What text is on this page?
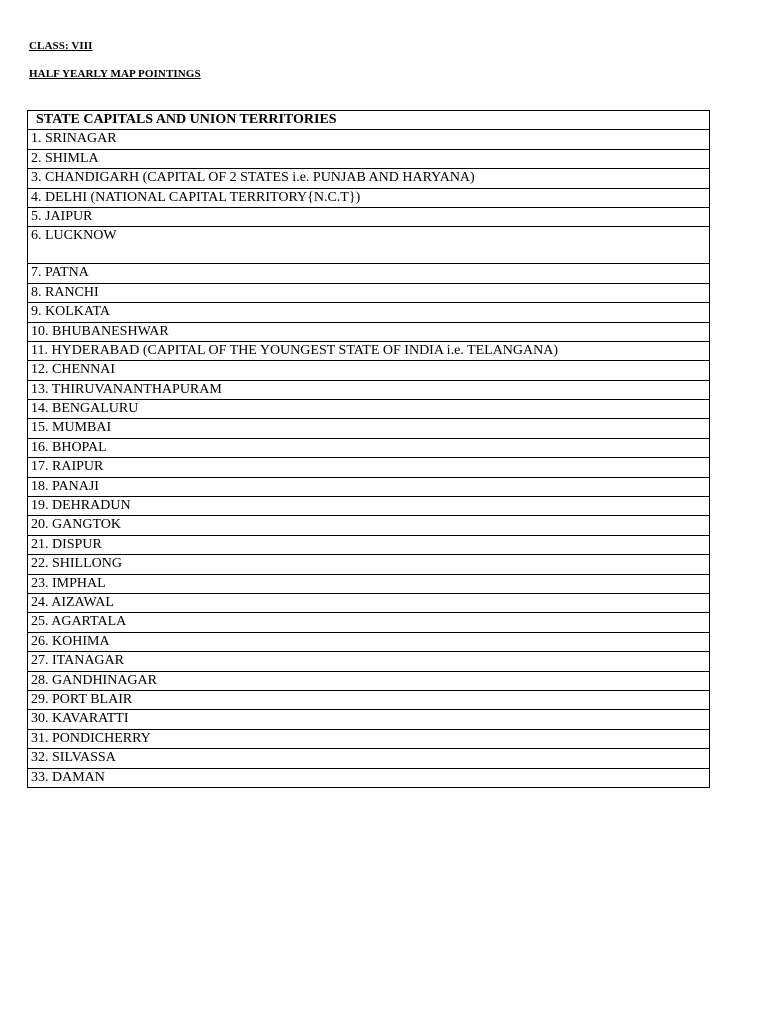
CLASS: VIII
HALF YEARLY MAP POINTINGS
STATE CAPITALS AND UNION TERRITORIES
1. SRINAGAR
2. SHIMLA
3. CHANDIGARH (CAPITAL OF 2 STATES i.e. PUNJAB AND HARYANA)
4. DELHI (NATIONAL CAPITAL TERRITORY{N.C.T})
5. JAIPUR
6. LUCKNOW
7. PATNA
8. RANCHI
9. KOLKATA
10. BHUBANESHWAR
11. HYDERABAD (CAPITAL OF THE YOUNGEST STATE OF INDIA i.e. TELANGANA)
12. CHENNAI
13. THIRUVANANTHAPURAM
14. BENGALURU
15. MUMBAI
16. BHOPAL
17. RAIPUR
18. PANAJI
19. DEHRADUN
20. GANGTOK
21. DISPUR
22. SHILLONG
23. IMPHAL
24. AIZAWAL
25. AGARTALA
26. KOHIMA
27. ITANAGAR
28. GANDHINAGAR
29. PORT BLAIR
30. KAVARATTI
31. PONDICHERRY
32. SILVASSA
33. DAMAN
